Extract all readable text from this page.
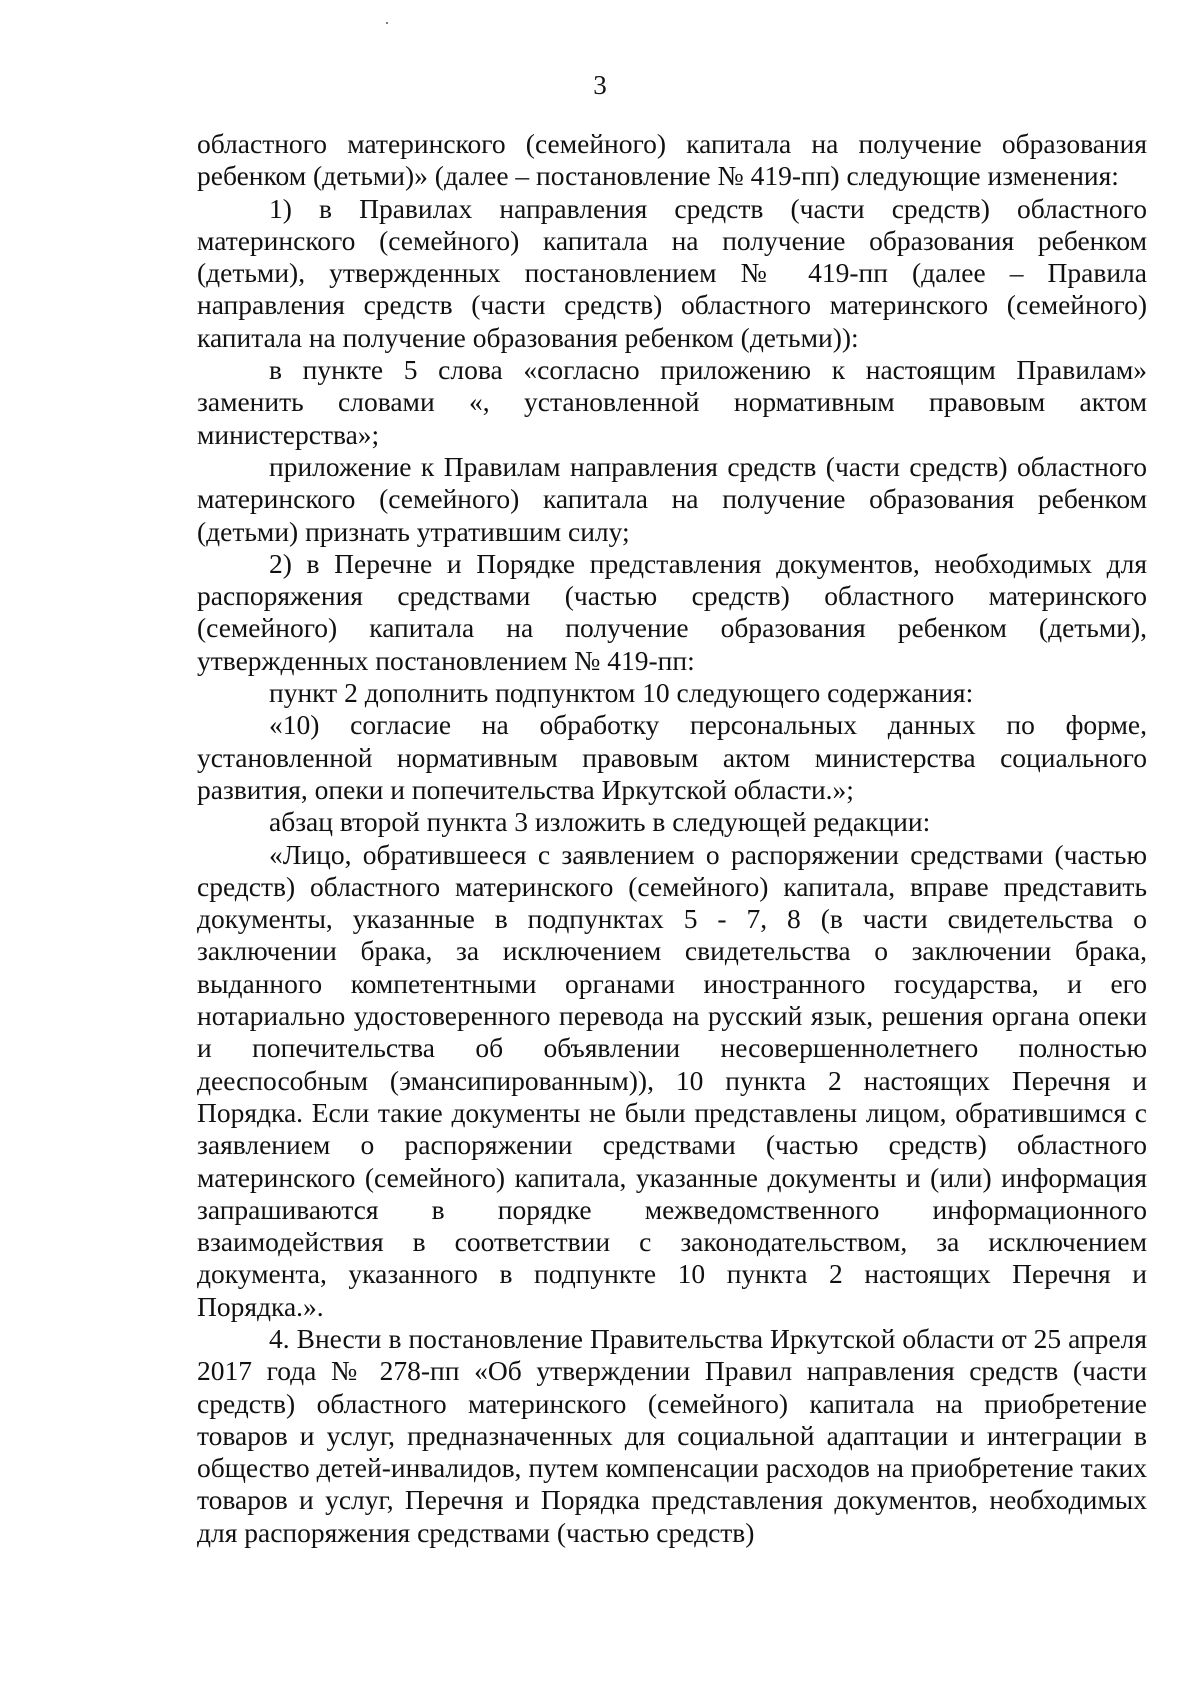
3

областного материнского (семейного) капитала на получение образования ребенком (детьми)» (далее – постановление № 419-пп) следующие изменения:

1) в Правилах направления средств (части средств) областного материнского (семейного) капитала на получение образования ребенком (детьми), утвержденных постановлением № 419-пп (далее – Правила направления средств (части средств) областного материнского (семейного) капитала на получение образования ребенком (детьми)):

в пункте 5 слова «согласно приложению к настоящим Правилам» заменить словами «, установленной нормативным правовым актом министерства»;

приложение к Правилам направления средств (части средств) областного материнского (семейного) капитала на получение образования ребенком (детьми) признать утратившим силу;

2) в Перечне и Порядке представления документов, необходимых для распоряжения средствами (частью средств) областного материнского (семейного) капитала на получение образования ребенком (детьми), утвержденных постановлением № 419-пп:

пункт 2 дополнить подпунктом 10 следующего содержания:

«10) согласие на обработку персональных данных по форме, установленной нормативным правовым актом министерства социального развития, опеки и попечительства Иркутской области.»;

абзац второй пункта 3 изложить в следующей редакции:

«Лицо, обратившееся с заявлением о распоряжении средствами (частью средств) областного материнского (семейного) капитала, вправе представить документы, указанные в подпунктах 5 - 7, 8 (в части свидетельства о заключении брака, за исключением свидетельства о заключении брака, выданного компетентными органами иностранного государства, и его нотариально удостоверенного перевода на русский язык, решения органа опеки и попечительства об объявлении несовершеннолетнего полностью дееспособным (эмансипированным)), 10 пункта 2 настоящих Перечня и Порядка. Если такие документы не были представлены лицом, обратившимся с заявлением о распоряжении средствами (частью средств) областного материнского (семейного) капитала, указанные документы и (или) информация запрашиваются в порядке межведомственного информационного взаимодействия в соответствии с законодательством, за исключением документа, указанного в подпункте 10 пункта 2 настоящих Перечня и Порядка.».

4. Внести в постановление Правительства Иркутской области от 25 апреля 2017 года № 278-пп «Об утверждении Правил направления средств (части средств) областного материнского (семейного) капитала на приобретение товаров и услуг, предназначенных для социальной адаптации и интеграции в общество детей-инвалидов, путем компенсации расходов на приобретение таких товаров и услуг, Перечня и Порядка представления документов, необходимых для распоряжения средствами (частью средств)
